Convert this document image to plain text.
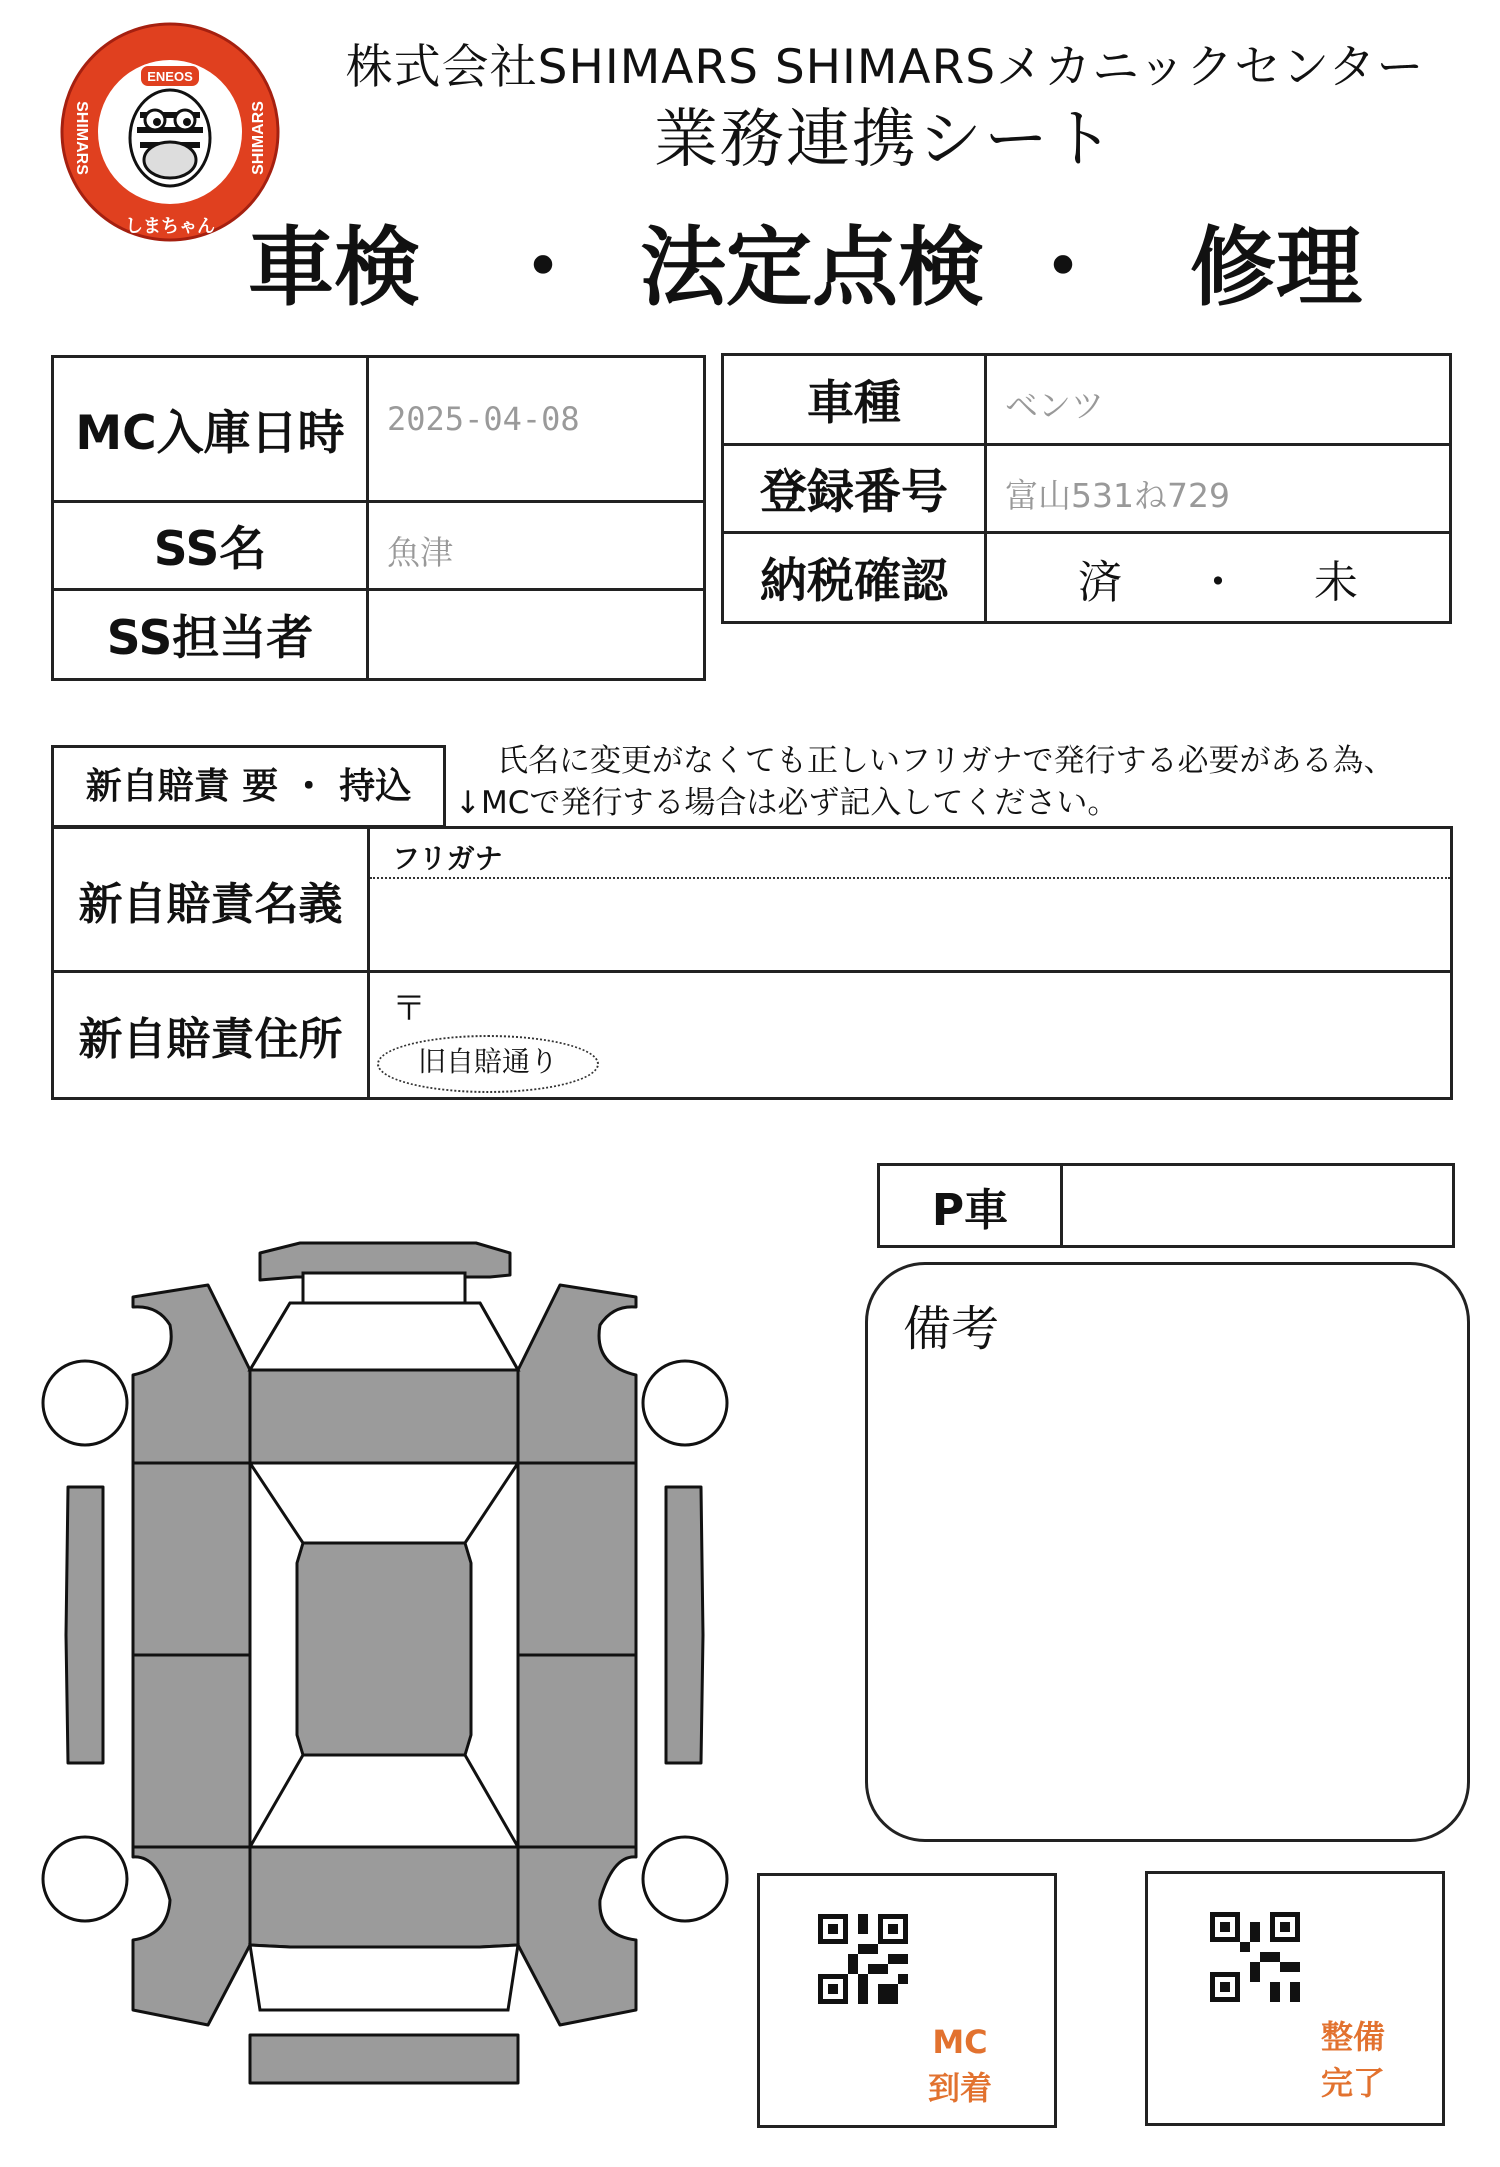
ENEOS
SHIMARS	SHIMARS
しまちゃん
株式会社SHIMARS SHIMARSメカニックセンター
業務連携シート
車検 ・ 法定点検 ・ 修理
MC入庫日時	2025-04-08
SS名	魚津
SS担当者	
車種	ベンツ
登録番号	富山531ね729
納税確認	済 ・ 未
新自賠責 要 ・ 持込
氏名に変更がなくても正しいフリガナで発行する必要がある為、
↓MCで発行する場合は必ず記入してください。
新自賠責名義	フリガナ

新自賠責住所	〒
旧自賠通り
P車	
備考
MC
到着
整備
完了
